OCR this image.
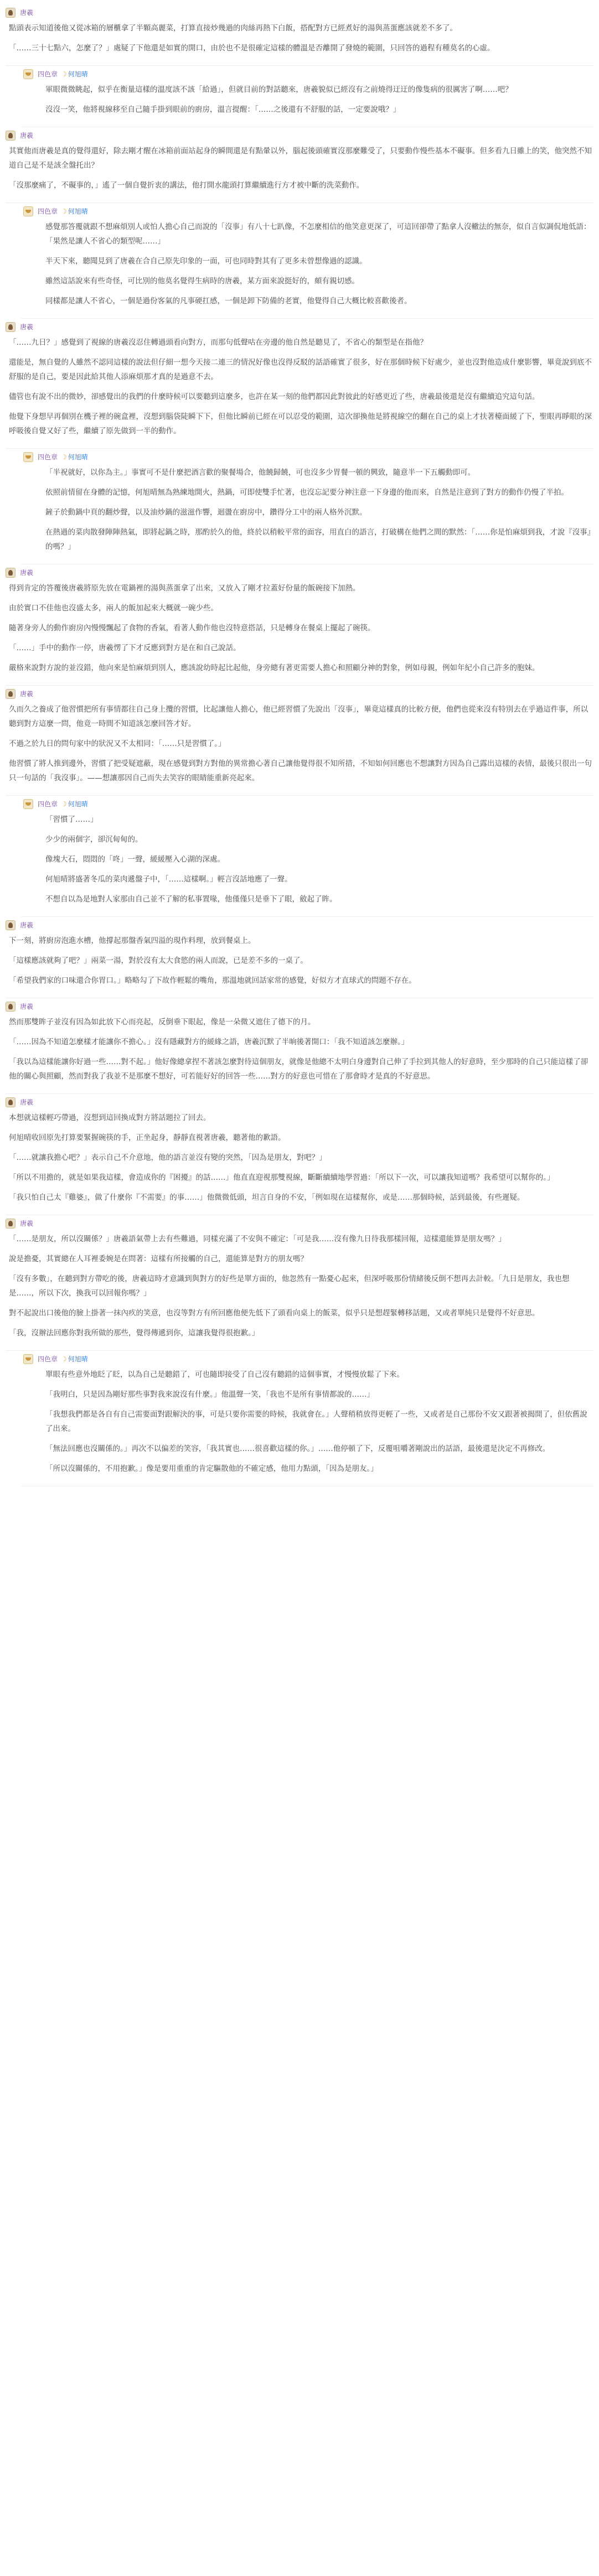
唐羲

點頭表示知道後他又從冰箱的層櫃拿了半顆高麗菜，打算直接炒幾過的肉絲再熱下白飯，搭配對方已經煮好的湯與蒸蛋應該就差不多了。

「……三十七點六，怎麼了？」處疑了下他還是如實的開口，由於也不是很確定這樣的體溫是否離開了發燒的範圍，只回答的過程有種莫名的心虛。

四色章 ☽ 何旭晴

軍眼微微眺起，似乎在衡量這樣的溫度該不該「給過」，但就目前的對話聽來，唐羲貌似已經沒有之前燒得迂迂的像隻病的很厲害了啊……吧？

沒沒一笑，他將視線移至自己隨手掛到眼前的廚房，溫言提醒：「……之後還有不舒服的話，一定要說哦？」

唐羲

其實他而唐羲是真的覺得還好，除去剛才醒在冰箱前面站起身的瞬間還是有點暈以外，腦起後頭確實沒那麼難受了，只要動作慢些基本不礙事。但多看九日雖上的笑，他突然不知道自己是不是該全盤托出？

「沒那麼痛了，不礙事的，」遙了一個自覺折衷的講法，他打開水龍頭打算繼續進行方才被中斷的洗菜動作。

四色章 ☽ 何旭晴

感覺那答覆就跟不想麻煩別人或怕人擔心自己而說的「沒事」有八十七趴像，不怎麼相信的他笑意更深了，可這回卻帶了點拿人沒轍法的無奈，似自言似調侃地低語：「果然是讓人不省心的類型呢……」

半天下來，聽聞見到了唐羲在合自己原先印象的一面，可也同時對其有了更多未曾想像過的認識。

雖然這話說來有些奇怪，可比別的他莫名覺得生病時的唐羲，某方面來說挺好的，頗有親切感。

同樣都是讓人不省心，一個是過份客氣的凡事硬扛感，一個是卸下防備的老實，他覺得自己大概比較喜歡後者。

唐羲

「……九日？」感覺到了視線的唐羲沒忍住轉過頭看向對方，而那句低聲咕在旁邊的他自然是聽見了，不省心的類型是在指他？

還能是，無自覺的人雖然不認同這樣的說法但仔細一想今天接二連三的情況好像也沒得反駁的話語確實了很多，好在那個時候下好處少，並也沒對他造成什麼影響，畢竟說到底不舒服的是自己，要是因此給其他人添麻煩那才真的是過意不去。

儘管也有說不出的微妙，卻感覺出的我們的什麼時候可以要聽到這麼多，也許在某一刻的他們都因此對彼此的好感更近了些，唐羲最後還是沒有繼續追究這句話。

他覺下身想早再個別在機子裡的碗盒裡，沒想到腦袋陡瞬下下，但他比瞬前已經在可以忍受的範圍，這次卻換他是將視線空的翻在自己的桌上才扶著檯面緩了下，聖眼再睜眼的深呼吸後自覺又好了些，繼續了原先做到一半的動作。

四色章 ☽ 何旭晴

「半祝就好，以你為主。」事實可不是什麼把酒言歡的聚餐場合，他饒歸饒，可也沒多少胃餐一頓的興致，隨意半一下五觸動即可。

依照前情留在身體的記憶，何旭晴無為熟練地開火，熱鍋，可即使雙手忙著，也沒忘記要分神注意一下身邊的他而來，自然是注意到了對方的動作仍慢了半拍。

鏟子於動鍋中頁的翻炒聲，以及油炒鍋的滋滋作響，迴盪在廚房中，鑽得分工中的兩人格外沉默。

在熱過的菜肉散發陣陣熱氣，即將起鍋之時，那酌於久的他，終於以稍較平常的面容，用直白的語言，打破構在他們之間的默然：「……你是怕麻煩到我，才說『沒事』的嗎？」

唐羲

得到肯定的答覆後唐羲將原先放在電鍋裡的湯與蒸蛋拿了出來，又放入了剛才拉蓋好份量的飯碗接下加熱。

由於實口不佳他也沒盛太多，兩人的飯加起來大概就一碗少些。

隨著身旁人的動作廚房內慢慢飄起了食物的香氣，看著人動作他也沒特意搭話，只是轉身在餐桌上擺起了碗筷。

「……」手中的動作一停，唐羲愣了下才反應到對方是在和自己說話。

嚴格來說對方說的並沒錯，他向來是怕麻煩到別人，應該說幼時起比起他，身旁總有著更需要人擔心和照顧分神的對象，例如母親，例如年紀小自己許多的胞妹。

唐羲

久而久之養成了他習慣把所有事情都往自己身上攬的習慣，比起讓他人擔心，他已經習慣了先說出「沒事」，畢竟這樣真的比較方便，他們也從來沒有特別去在乎過這件事，所以聽到對方這麼一問，他竟一時間不知道該怎麼回答才好。

不過之於九日的問句家中的狀況又不太相同：「……只是習慣了。」

他習慣了將人推到邊外，習慣了把受疑遮蔽，現在感覺到對方對他的異常擔心著自己讓他覺得很不知所措，不知如何回應也不想讓對方因為自己露出這樣的表情，最後只很出一句只一句話的「我沒事」。——想讓那因自己而失去笑容的眼睛能重新亮起來。

四色章 ☽ 何旭晴

「習慣了……」

少少的兩個字，卻沉甸甸的。

像塊大石，悶悶的「咚」一聲，緩緩壓入心湖的深處。

何旭晴將盛著冬瓜的菜肉遞盤子中，「……這樣啊。」輕言沒話地應了一聲。

不想自以為是地對人家那由自己並不了解的私事置喙，他僅僅只是垂下了眼，斂起了眸。

唐羲

下一刻，將廚房泡進水槽，他撐起那盤香氣四溢的現作料理，放到餐桌上。

「這樣應該就夠了吧？」兩菜一湯，對於沒有太大食慾的兩人而說，已是差不多的一桌了。

「希望我們家的口味還合你胃口。」略略勾了下故作輕鬆的嘴角，那溫地就回話家常的感覺，好似方才直球式的問題不存在。

唐羲

然而那雙眸子並沒有因為如此放下心而亮起，反倒垂下眼起，像是一朵微又遮住了德下的月。

「……因為不知道怎麼樣才能讓你不擔心。」沒有隱藏對方的緩緣之語，唐羲沉默了半晌後著開口：「我不知道該怎麼辦。」

「我以為這樣能讓你好過一些……對不起。」他好像總拿捏不著該怎麼對待這個朋友，就像是他總不太明白身邊對自己伸了手拉到其他人的好意時，至少那時的自己只能這樣了卻他的關心與照顧，然而對我了我並不是那麼不想好，可若能好好的回答一些……對方的好意也可惜在了那會時才是真的不好意思。

唐羲

本想就這樣輕巧帶過，沒想到這回換成對方將話題拉了回去。

何旭晴收回原先打算要緊握碗筷的手，正坐起身，靜靜直視著唐羲，聽著他的歉語。

「……就讓我擔心吧？」表示自己不介意地，他的語言並沒有變的突然，「因為是朋友，對吧？」

「所以不用擔的，就是如果我這樣，會造成你的『困擾』的話……」他直直迎視那雙視線，斷斷續續地學習過：「所以下一次，可以讓我知道嗎？我希望可以幫你的。」

「我只怕自己太『雞婆』，做了什麼你『不需要』的事……」他微微低頭，坦言自身的不安，「例如現在這樣幫你，或是……那個時候，話到最後，有些遲疑。

唐羲

「……是朋友，所以沒關係？」唐羲語氣帶上去有些難過，同樣充滿了不安與不確定：「可是我……沒有像九日待我那樣回報，這樣還能算是朋友嗎？」

說是擔憂，其實總在人耳裡委婉是在問著：這樣有所接觸的自己，還能算是對方的朋友嗎？

「沒有多數」，在聽到對方帶吃的後，唐羲這時才意識到與對方的好些是單方面的，他忽然有一點憂心起來，但深呼吸那份情緒後反倒不想再去計較。「九日是朋友，我也想是……，所以下次，換我可以回報你嗎？」

對不起說出口後他的臉上掛著一抹內疚的笑意，也沒等對方有所回應他便先低下了頭看向桌上的飯菜，似乎只是想趕緊轉移話題，又或者單純只是覺得不好意思。

「我，沒辦法回應你對我所做的那些，覺得傳遞到你，這讓我覺得很抱歉。」

四色章 ☽ 何旭晴

單眼有些意外地眨了眨，以為自己是聽錯了，可也隨即接受了自己沒有聽錯的這個事實，才慢慢放鬆了下來。

「我明白，只是因為剛好那些事對我來說沒有什麼。」他溫聲一笑，「我也不是所有事情都說的……」

「我想我們都是各自有自己需要面對跟解決的事，可是只要你需要的時候，我就會在。」人聲稍稍放得更輕了一些，又或者是自己那份不安又跟著被揭開了，但依舊說了出來。

「無法回應也沒關係的。」再次不以偏差的笑容，「我其實也……很喜歡這樣的你。」……他停頓了下，反覆咀嚼著剛說出的話語，最後還是決定不再修改。

「所以沒關係的，不用抱歉。」像是要用重重的肯定驅散他的不確定感，他用力點頭，「因為是朋友。」
